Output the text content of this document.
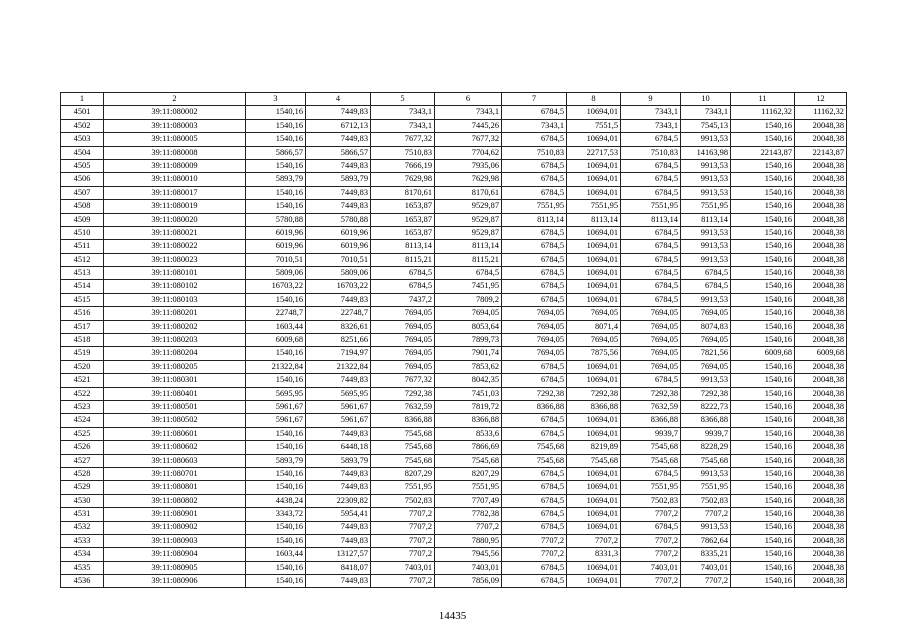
1	2	3	4	5	6	7	8	9	10	11	12
4501	39:11:080002	1540,16	7449,83	7343,1	7343,1	6784,5	10694,01	7343,1	7343,1	11162,32	11162,32
4502	39:11:080003	1540,16	6712,13	7343,1	7445,26	7343,1	7551,5	7343,1	7545,13	1540,16	20048,38
4503	39:11:080005	1540,16	7449,83	7677,32	7677,32	6784,5	10694,01	6784,5	9913,53	1540,16	20048,38
4504	39:11:080008	5866,57	5866,57	7510,83	7704,62	7510,83	22717,53	7510,83	14163,98	22143,87	22143,87
4505	39:11:080009	1540,16	7449,83	7666,19	7935,06	6784,5	10694,01	6784,5	9913,53	1540,16	20048,38
4506	39:11:080010	5893,79	5893,79	7629,98	7629,98	6784,5	10694,01	6784,5	9913,53	1540,16	20048,38
4507	39:11:080017	1540,16	7449,83	8170,61	8170,61	6784,5	10694,01	6784,5	9913,53	1540,16	20048,38
4508	39:11:080019	1540,16	7449,83	1653,87	9529,87	7551,95	7551,95	7551,95	7551,95	1540,16	20048,38
4509	39:11:080020	5780,88	5780,88	1653,87	9529,87	8113,14	8113,14	8113,14	8113,14	1540,16	20048,38
4510	39:11:080021	6019,96	6019,96	1653,87	9529,87	6784,5	10694,01	6784,5	9913,53	1540,16	20048,38
4511	39:11:080022	6019,96	6019,96	8113,14	8113,14	6784,5	10694,01	6784,5	9913,53	1540,16	20048,38
4512	39:11:080023	7010,51	7010,51	8115,21	8115,21	6784,5	10694,01	6784,5	9913,53	1540,16	20048,38
4513	39:11:080101	5809,06	5809,06	6784,5	6784,5	6784,5	10694,01	6784,5	6784,5	1540,16	20048,38
4514	39:11:080102	16703,22	16703,22	6784,5	7451,95	6784,5	10694,01	6784,5	6784,5	1540,16	20048,38
4515	39:11:080103	1540,16	7449,83	7437,2	7809,2	6784,5	10694,01	6784,5	9913,53	1540,16	20048,38
4516	39:11:080201	22748,7	22748,7	7694,05	7694,05	7694,05	7694,05	7694,05	7694,05	1540,16	20048,38
4517	39:11:080202	1603,44	8326,61	7694,05	8053,64	7694,05	8071,4	7694,05	8074,83	1540,16	20048,38
4518	39:11:080203	6009,68	8251,66	7694,05	7899,73	7694,05	7694,05	7694,05	7694,05	1540,16	20048,38
4519	39:11:080204	1540,16	7194,97	7694,05	7901,74	7694,05	7875,56	7694,05	7821,56	6009,68	6009,68
4520	39:11:080205	21322,84	21322,84	7694,05	7853,62	6784,5	10694,01	7694,05	7694,05	1540,16	20048,38
4521	39:11:080301	1540,16	7449,83	7677,32	8042,35	6784,5	10694,01	6784,5	9913,53	1540,16	20048,38
4522	39:11:080401	5695,95	5695,95	7292,38	7451,03	7292,38	7292,38	7292,38	7292,38	1540,16	20048,38
4523	39:11:080501	5961,67	5961,67	7632,59	7819,72	8366,88	8366,88	7632,59	8222,73	1540,16	20048,38
4524	39:11:080502	5961,67	5961,67	8366,88	8366,88	6784,5	10694,01	8366,88	8366,88	1540,16	20048,38
4525	39:11:080601	1540,16	7449,83	7545,68	8533,6	6784,5	10694,01	9939,7	9939,7	1540,16	20048,38
4526	39:11:080602	1540,16	6448,18	7545,68	7866,69	7545,68	8219,89	7545,68	8228,29	1540,16	20048,38
4527	39:11:080603	5893,79	5893,79	7545,68	7545,68	7545,68	7545,68	7545,68	7545,68	1540,16	20048,38
4528	39:11:080701	1540,16	7449,83	8207,29	8207,29	6784,5	10694,01	6784,5	9913,53	1540,16	20048,38
4529	39:11:080801	1540,16	7449,83	7551,95	7551,95	6784,5	10694,01	7551,95	7551,95	1540,16	20048,38
4530	39:11:080802	4438,24	22309,82	7502,83	7707,49	6784,5	10694,01	7502,83	7502,83	1540,16	20048,38
4531	39:11:080901	3343,72	5954,41	7707,2	7782,38	6784,5	10694,01	7707,2	7707,2	1540,16	20048,38
4532	39:11:080902	1540,16	7449,83	7707,2	7707,2	6784,5	10694,01	6784,5	9913,53	1540,16	20048,38
4533	39:11:080903	1540,16	7449,83	7707,2	7880,95	7707,2	7707,2	7707,2	7862,64	1540,16	20048,38
4534	39:11:080904	1603,44	13127,57	7707,2	7945,56	7707,2	8331,3	7707,2	8335,21	1540,16	20048,38
4535	39:11:080905	1540,16	8418,07	7403,01	7403,01	6784,5	10694,01	7403,01	7403,01	1540,16	20048,38
4536	39:11:080906	1540,16	7449,83	7707,2	7856,09	6784,5	10694,01	7707,2	7707,2	1540,16	20048,38
14435
